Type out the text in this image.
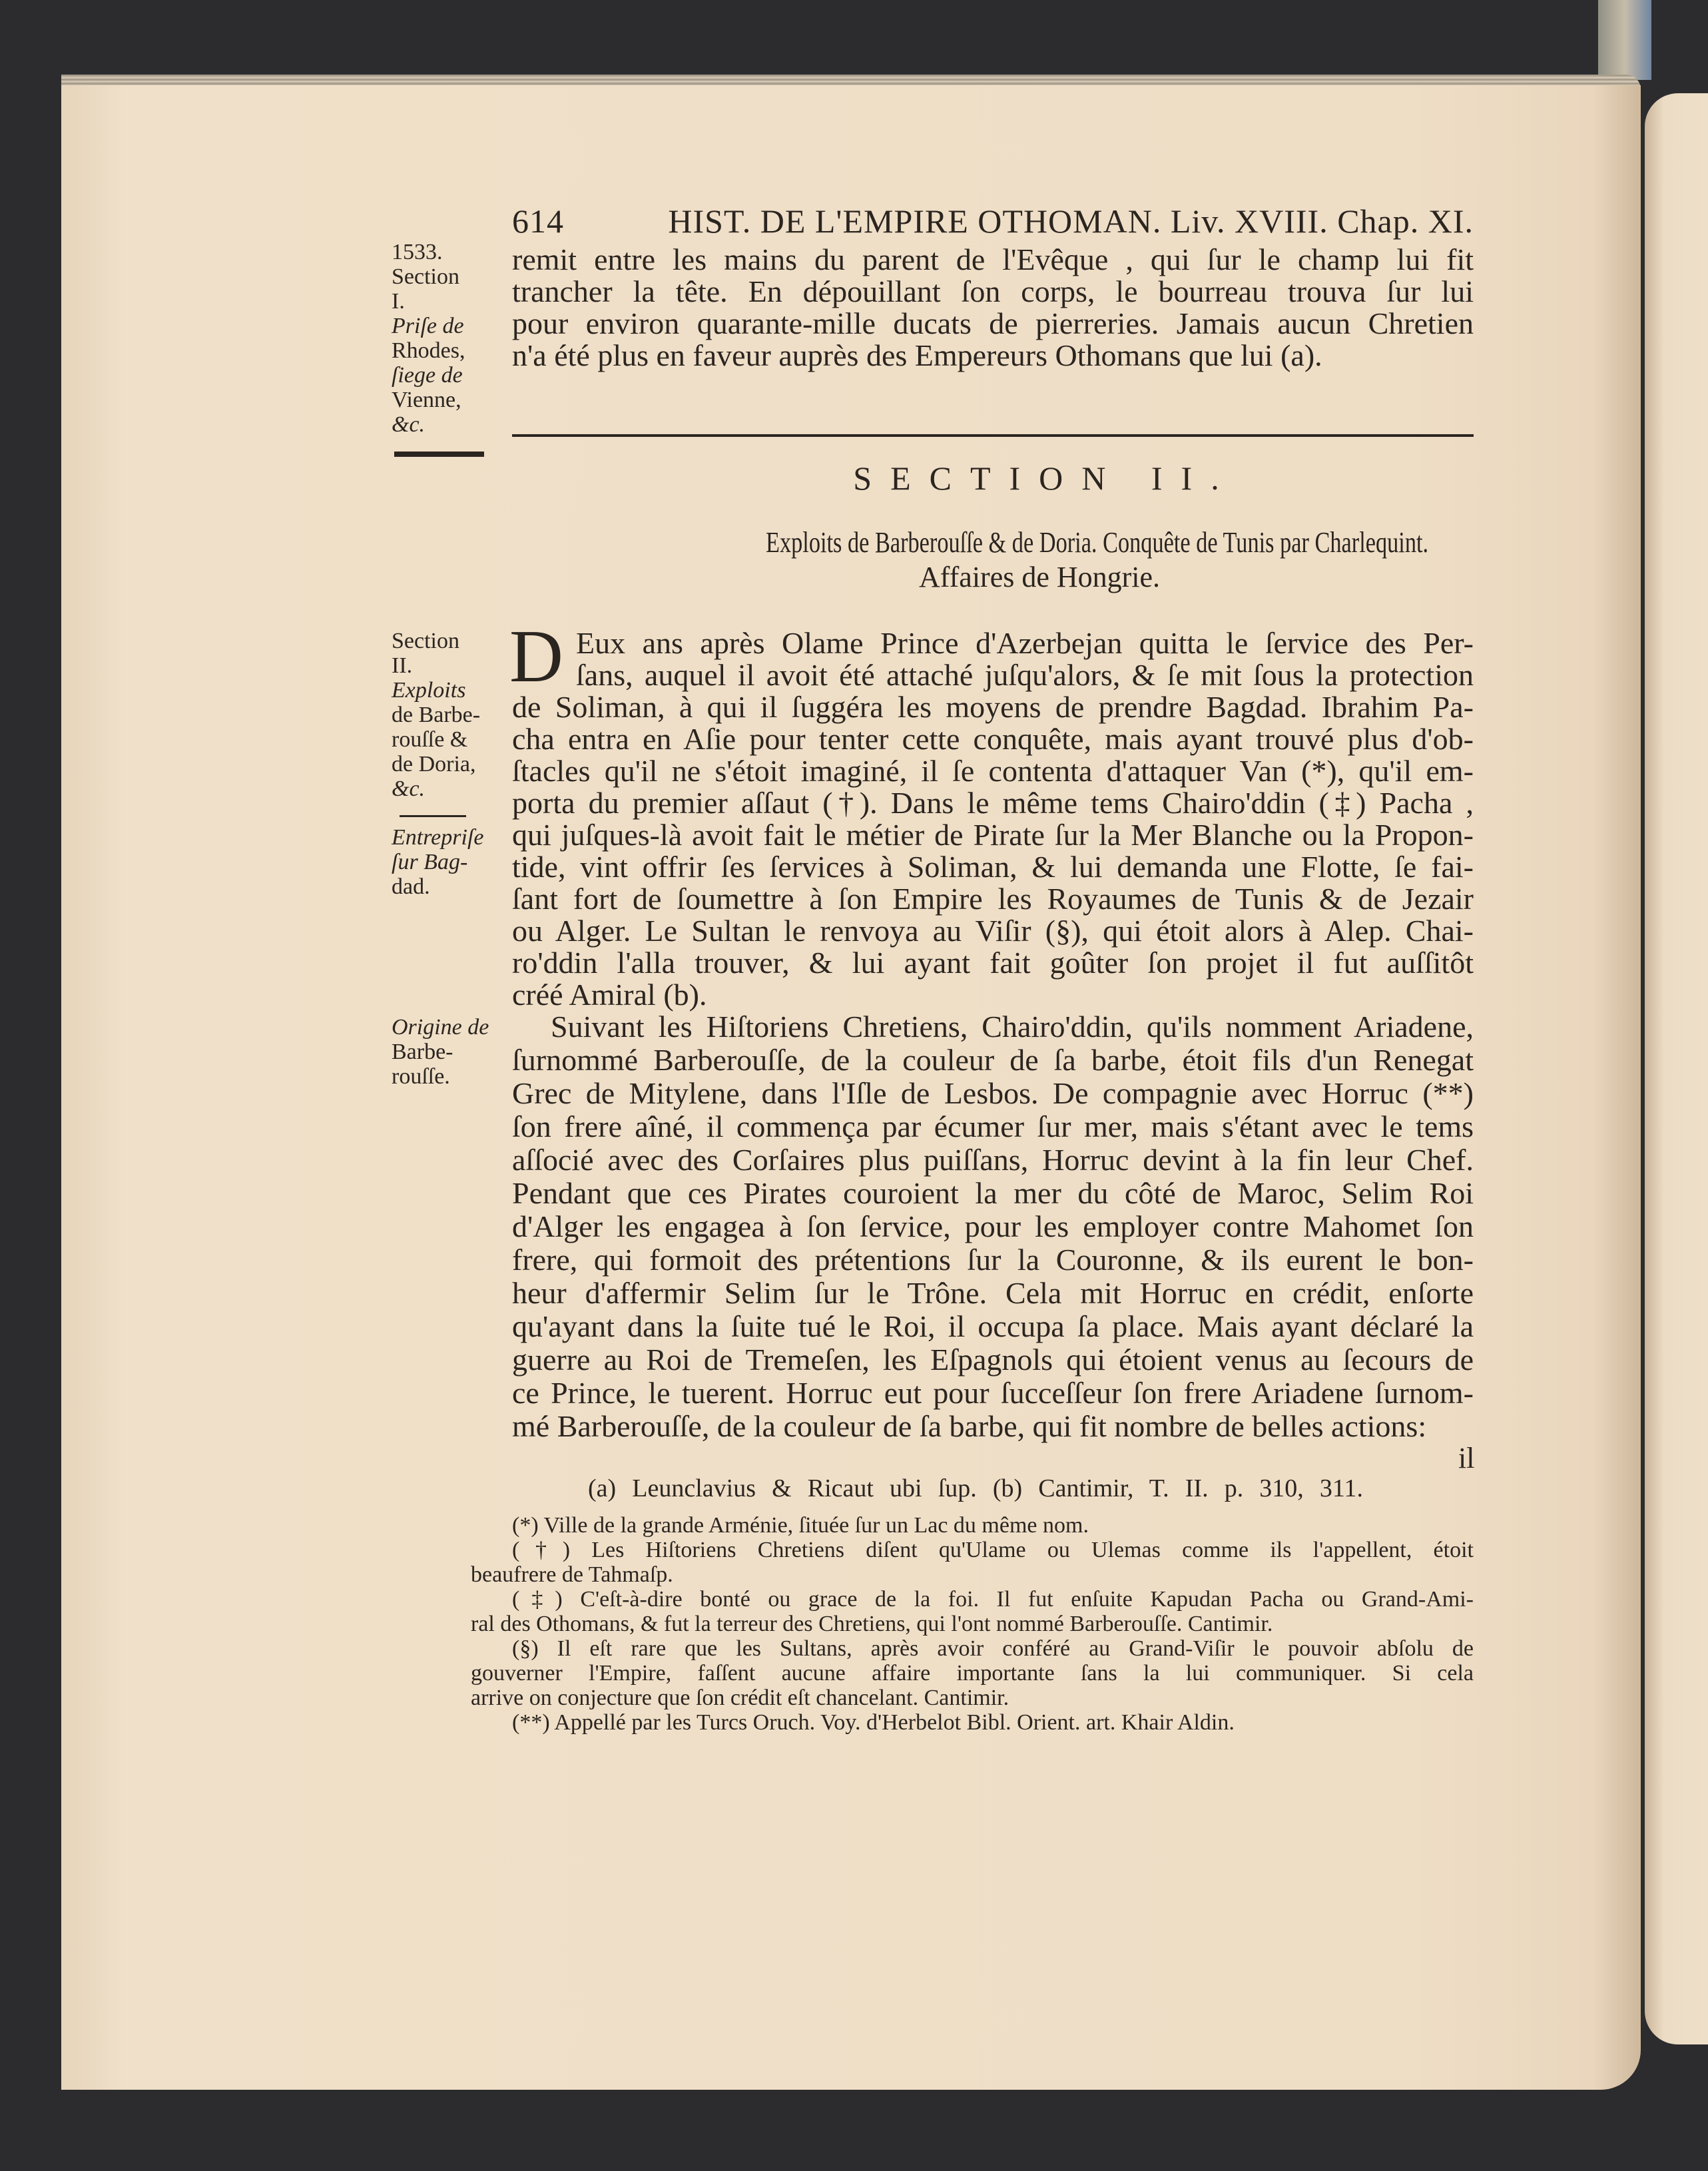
614	HIST. DE L'EMPIRE OTHOMAN. Liv. XVIII. Chap. XI.
1533.
Section
I.
Priſe de
Rhodes,
ſiege de
Vienne,
&c.
Section
II.
Exploits
de Barbe-
rouſſe &
de Doria,
&c.
Entrepriſe
ſur Bag-
dad.
Origine de
Barbe-
rouſſe.
remit entre les mains du parent de l'Evêque , qui ſur le champ lui fit
trancher la tête. En dépouillant ſon corps, le bourreau trouva ſur lui
pour environ quarante-mille ducats de pierreries. Jamais aucun Chretien
n'a été plus en faveur auprès des Empereurs Othomans que lui (a).
SECTION II.
Exploits de Barberouſſe & de Doria. Conquête de Tunis par Charlequint.
Affaires de Hongrie.
D Eux ans après Olame Prince d'Azerbejan quitta le ſervice des Per-
ſans, auquel il avoit été attaché juſqu'alors, & ſe mit ſous la protection
de Soliman, à qui il ſuggéra les moyens de prendre Bagdad. Ibrahim Pa-
cha entra en Aſie pour tenter cette conquête, mais ayant trouvé plus d'ob-
ſtacles qu'il ne s'étoit imaginé, il ſe contenta d'attaquer Van (*), qu'il em-
porta du premier aſſaut (†). Dans le même tems Chairo'ddin (‡) Pacha ,
qui juſques-là avoit fait le métier de Pirate ſur la Mer Blanche ou la Propon-
tide, vint offrir ſes ſervices à Soliman, & lui demanda une Flotte, ſe fai-
ſant fort de ſoumettre à ſon Empire les Royaumes de Tunis & de Jezair
ou Alger. Le Sultan le renvoya au Viſir (§), qui étoit alors à Alep. Chai-
ro'ddin l'alla trouver, & lui ayant fait goûter ſon projet il fut auſſitôt
créé Amiral (b).
Suivant les Hiſtoriens Chretiens, Chairo'ddin, qu'ils nomment Ariadene,
ſurnommé Barberouſſe, de la couleur de ſa barbe, étoit fils d'un Renegat
Grec de Mitylene, dans l'Iſle de Lesbos. De compagnie avec Horruc (**)
ſon frere aîné, il commença par écumer ſur mer, mais s'étant avec le tems
aſſocié avec des Corſaires plus puiſſans, Horruc devint à la fin leur Chef.
Pendant que ces Pirates couroient la mer du côté de Maroc, Selim Roi
d'Alger les engagea à ſon ſervice, pour les employer contre Mahomet ſon
frere, qui formoit des prétentions ſur la Couronne, & ils eurent le bon-
heur d'affermir Selim ſur le Trône. Cela mit Horruc en crédit, enſorte
qu'ayant dans la ſuite tué le Roi, il occupa ſa place. Mais ayant déclaré la
guerre au Roi de Tremeſen, les Eſpagnols qui étoient venus au ſecours de
ce Prince, le tuerent. Horruc eut pour ſucceſſeur ſon frere Ariadene ſurnom-
mé Barberouſſe, de la couleur de ſa barbe, qui fit nombre de belles actions:
il
(a) Leunclavius & Ricaut ubi ſup. (b) Cantimir, T. II. p. 310, 311.
(*) Ville de la grande Arménie, ſituée ſur un Lac du même nom.
(†) Les Hiſtoriens Chretiens diſent qu'Ulame ou Ulemas comme ils l'appellent, étoit
beaufrere de Tahmaſp.
(‡) C'eſt-à-dire bonté ou grace de la foi. Il fut enſuite Kapudan Pacha ou Grand-Ami-
ral des Othomans, & fut la terreur des Chretiens, qui l'ont nommé Barberouſſe. Cantimir.
(§) Il eſt rare que les Sultans, après avoir conféré au Grand-Viſir le pouvoir abſolu de
gouverner l'Empire, faſſent aucune affaire importante ſans la lui communiquer. Si cela
arrive on conjecture que ſon crédit eſt chancelant. Cantimir.
(**) Appellé par les Turcs Oruch. Voy. d'Herbelot Bibl. Orient. art. Khair Aldin.
